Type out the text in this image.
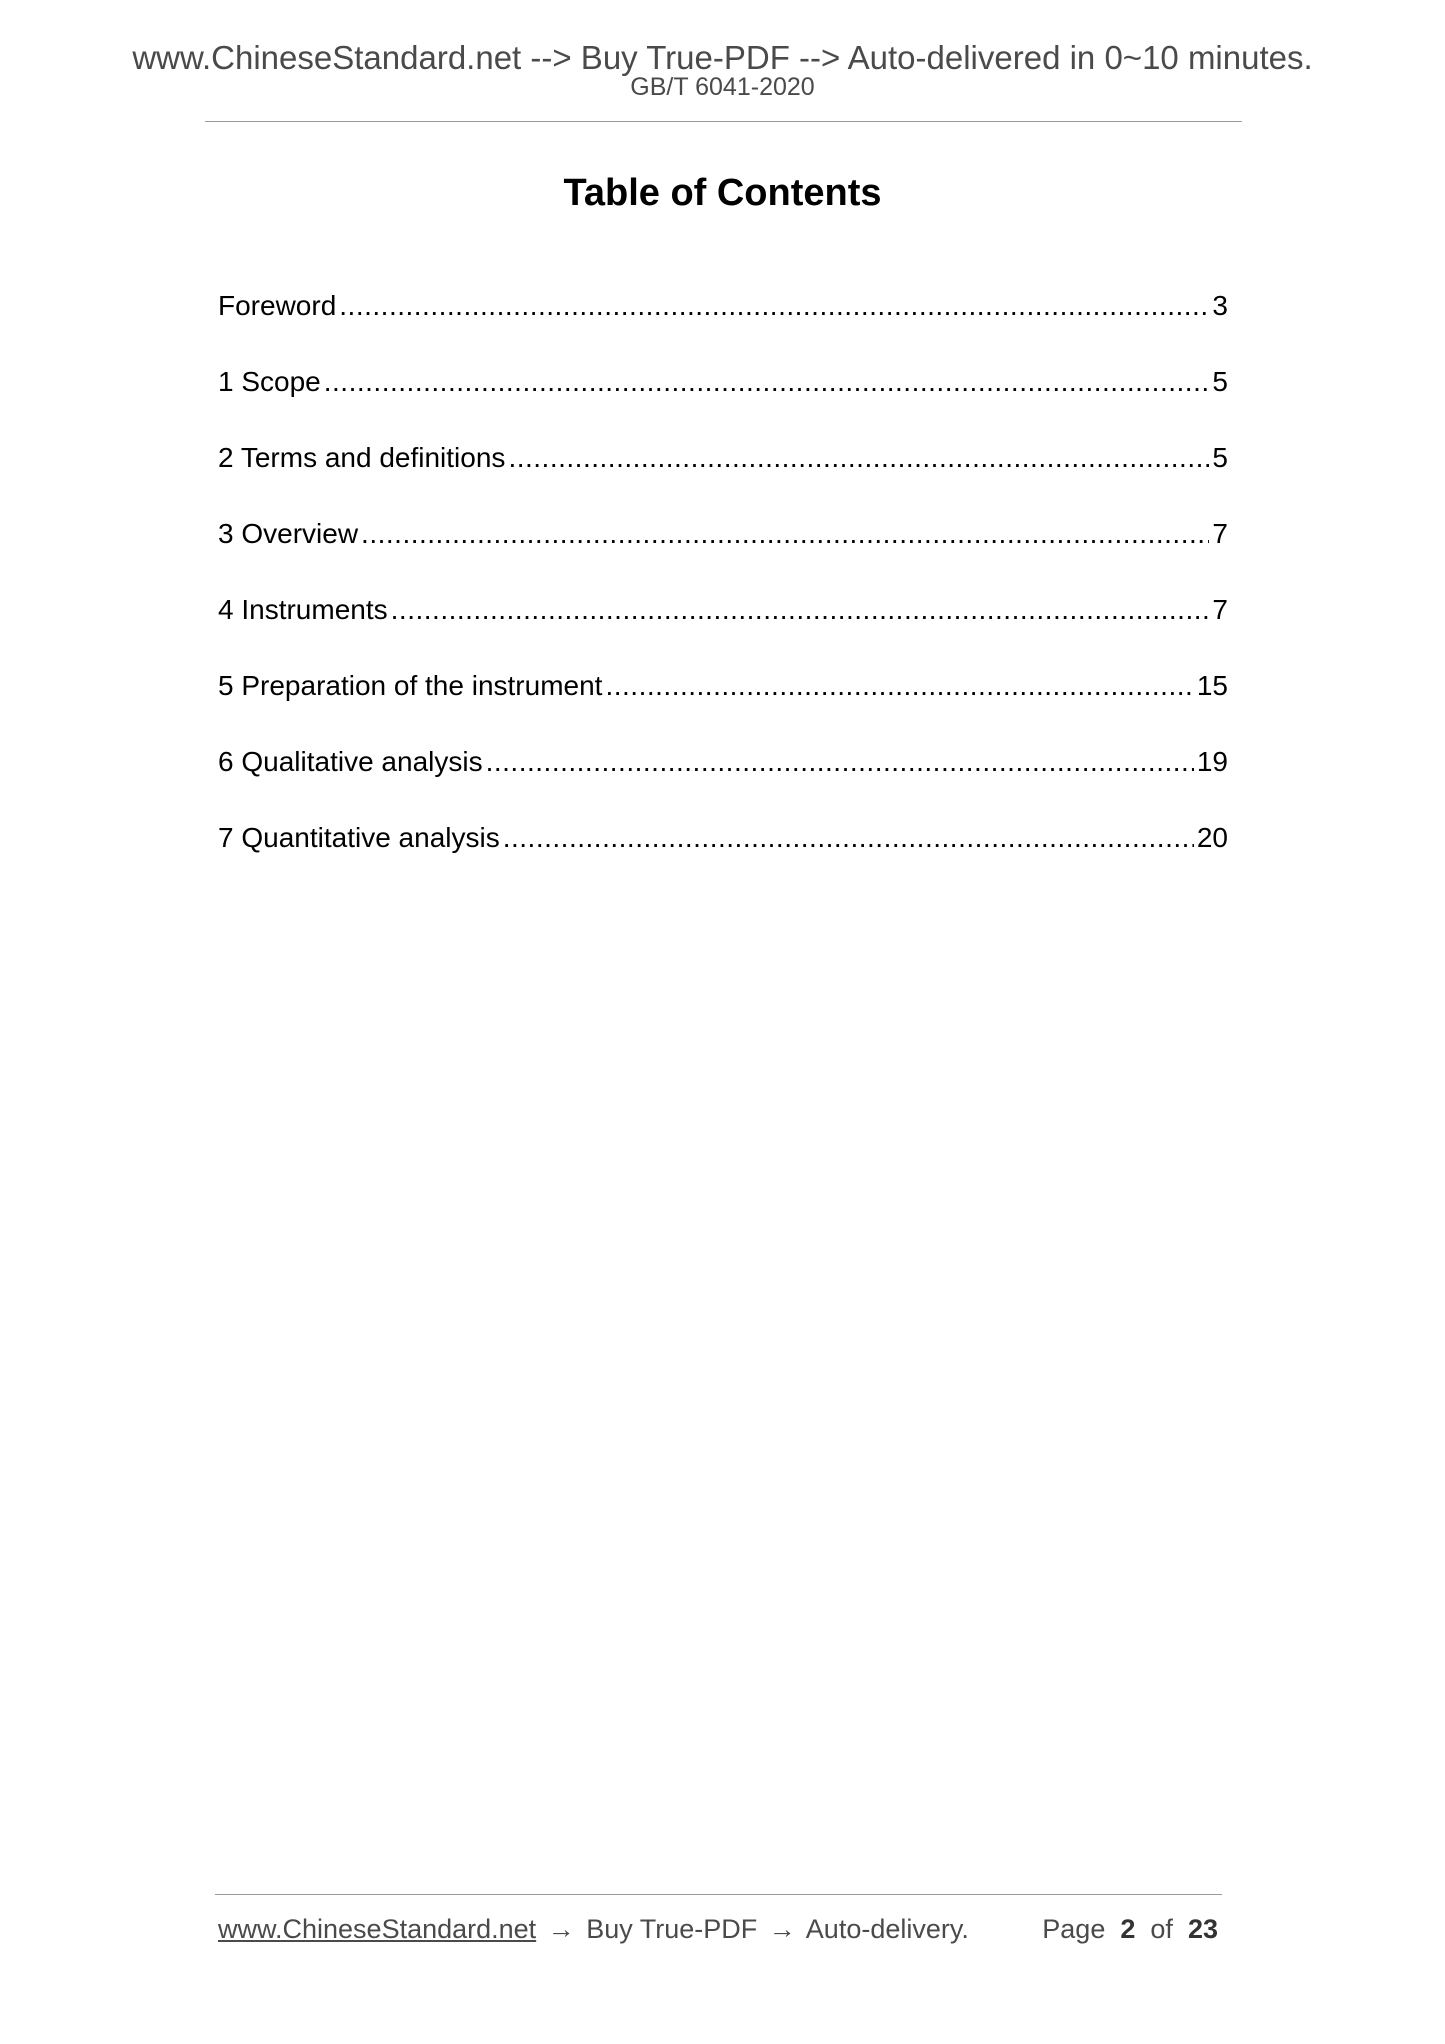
www.ChineseStandard.net --> Buy True-PDF --> Auto-delivered in 0~10 minutes.
GB/T 6041-2020
Table of Contents
Foreword .....	3
1 Scope .....	5
2 Terms and definitions .....	5
3 Overview .....	7
4 Instruments .....	7
5 Preparation of the instrument .....	15
6 Qualitative analysis .....	19
7 Quantitative analysis .....	20
www.ChineseStandard.net → Buy True-PDF → Auto-delivery.	Page 2 of 23
